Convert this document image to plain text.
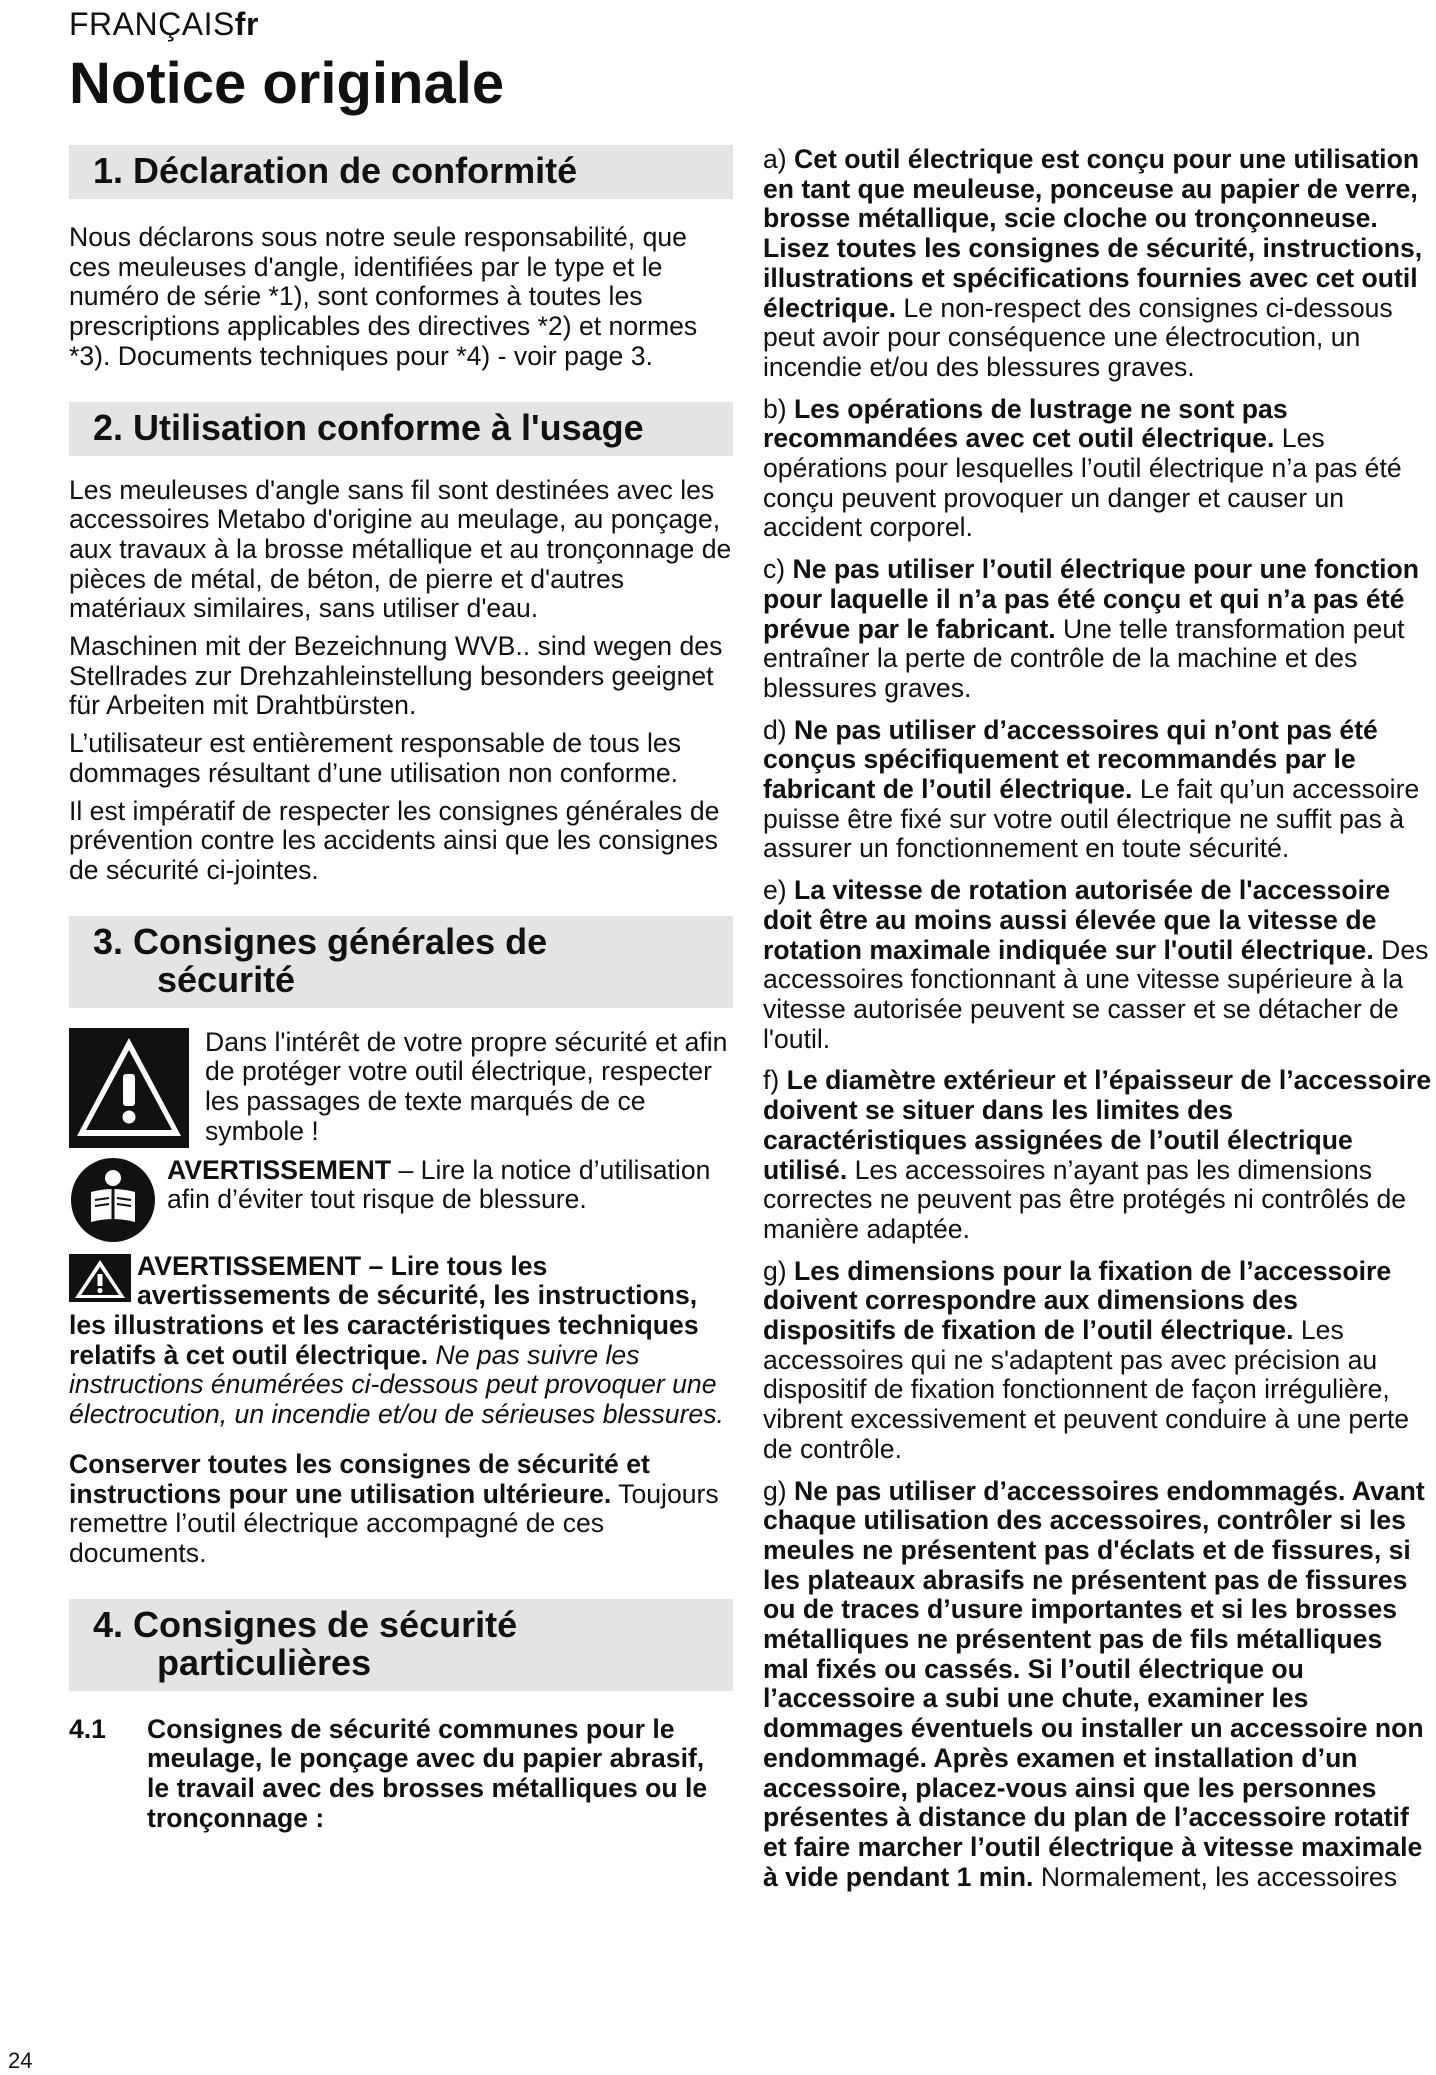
FRANÇAISfr
Notice originale
1. Déclaration de conformité

Nous déclarons sous notre seule responsabilité, que ces meuleuses d'angle, identifiées par le type et le numéro de série *1), sont conformes à toutes les prescriptions applicables des directives *2) et normes *3). Documents techniques pour *4) - voir page 3.

2. Utilisation conforme à l'usage

Les meuleuses d'angle sans fil sont destinées avec les accessoires Metabo d'origine au meulage, au ponçage, aux travaux à la brosse métallique et au tronçonnage de pièces de métal, de béton, de pierre et d'autres matériaux similaires, sans utiliser d'eau.

Maschinen mit der Bezeichnung WVB.. sind wegen des Stellrades zur Drehzahleinstellung besonders geeignet für Arbeiten mit Drahtbürsten.

L’utilisateur est entièrement responsable de tous les dommages résultant d’une utilisation non conforme.

Il est impératif de respecter les consignes générales de prévention contre les accidents ainsi que les consignes de sécurité ci-jointes.

3. Consignes générales de
sécurité

Dans l'intérêt de votre propre sécurité et afin de protéger votre outil électrique, respecter les passages de texte marqués de ce symbole !

AVERTISSEMENT – Lire la notice d’utilisation afin d’éviter tout risque de blessure.

AVERTISSEMENT – Lire tous les avertissements de sécurité, les instructions, les illustrations et les caractéristiques techniques relatifs à cet outil électrique. Ne pas suivre les instructions énumérées ci-dessous peut provoquer une électrocution, un incendie et/ou de sérieuses blessures.

Conserver toutes les consignes de sécurité et instructions pour une utilisation ultérieure. Toujours remettre l’outil électrique accompagné de ces documents.

4. Consignes de sécurité
particulières
4.1	Consignes de sécurité communes pour le meulage, le ponçage avec du papier abrasif, le travail avec des brosses métalliques ou le tronçonnage :
a) Cet outil électrique est conçu pour une utilisation en tant que meuleuse, ponceuse au papier de verre, brosse métallique, scie cloche ou tronçonneuse. Lisez toutes les consignes de sécurité, instructions, illustrations et spécifications fournies avec cet outil électrique. Le non-respect des consignes ci-dessous peut avoir pour conséquence une électrocution, un incendie et/ou des blessures graves.
b) Les opérations de lustrage ne sont pas recommandées avec cet outil électrique. Les opérations pour lesquelles l’outil électrique n’a pas été conçu peuvent provoquer un danger et causer un accident corporel.
c) Ne pas utiliser l’outil électrique pour une fonction pour laquelle il n’a pas été conçu et qui n’a pas été prévue par le fabricant. Une telle transformation peut entraîner la perte de contrôle de la machine et des blessures graves.
d) Ne pas utiliser d’accessoires qui n’ont pas été conçus spécifiquement et recommandés par le fabricant de l’outil électrique. Le fait qu’un accessoire puisse être fixé sur votre outil électrique ne suffit pas à assurer un fonctionnement en toute sécurité.
e) La vitesse de rotation autorisée de l'accessoire doit être au moins aussi élevée que la vitesse de rotation maximale indiquée sur l'outil électrique. Des accessoires fonctionnant à une vitesse supérieure à la vitesse autorisée peuvent se casser et se détacher de l'outil.
f) Le diamètre extérieur et l’épaisseur de l’accessoire doivent se situer dans les limites des caractéristiques assignées de l’outil électrique utilisé. Les accessoires n’ayant pas les dimensions correctes ne peuvent pas être protégés ni contrôlés de manière adaptée.
g) Les dimensions pour la fixation de l’accessoire doivent correspondre aux dimensions des dispositifs de fixation de l’outil électrique. Les accessoires qui ne s'adaptent pas avec précision au dispositif de fixation fonctionnent de façon irrégulière, vibrent excessivement et peuvent conduire à une perte de contrôle.
g) Ne pas utiliser d’accessoires endommagés. Avant chaque utilisation des accessoires, contrôler si les meules ne présentent pas d'éclats et de fissures, si les plateaux abrasifs ne présentent pas de fissures ou de traces d’usure importantes et si les brosses métalliques ne présentent pas de fils métalliques mal fixés ou cassés. Si l’outil électrique ou l’accessoire a subi une chute, examiner les dommages éventuels ou installer un accessoire non endommagé. Après examen et installation d’un accessoire, placez-vous ainsi que les personnes présentes à distance du plan de l’accessoire rotatif et faire marcher l’outil électrique à vitesse maximale à vide pendant 1 min. Normalement, les accessoires
24
